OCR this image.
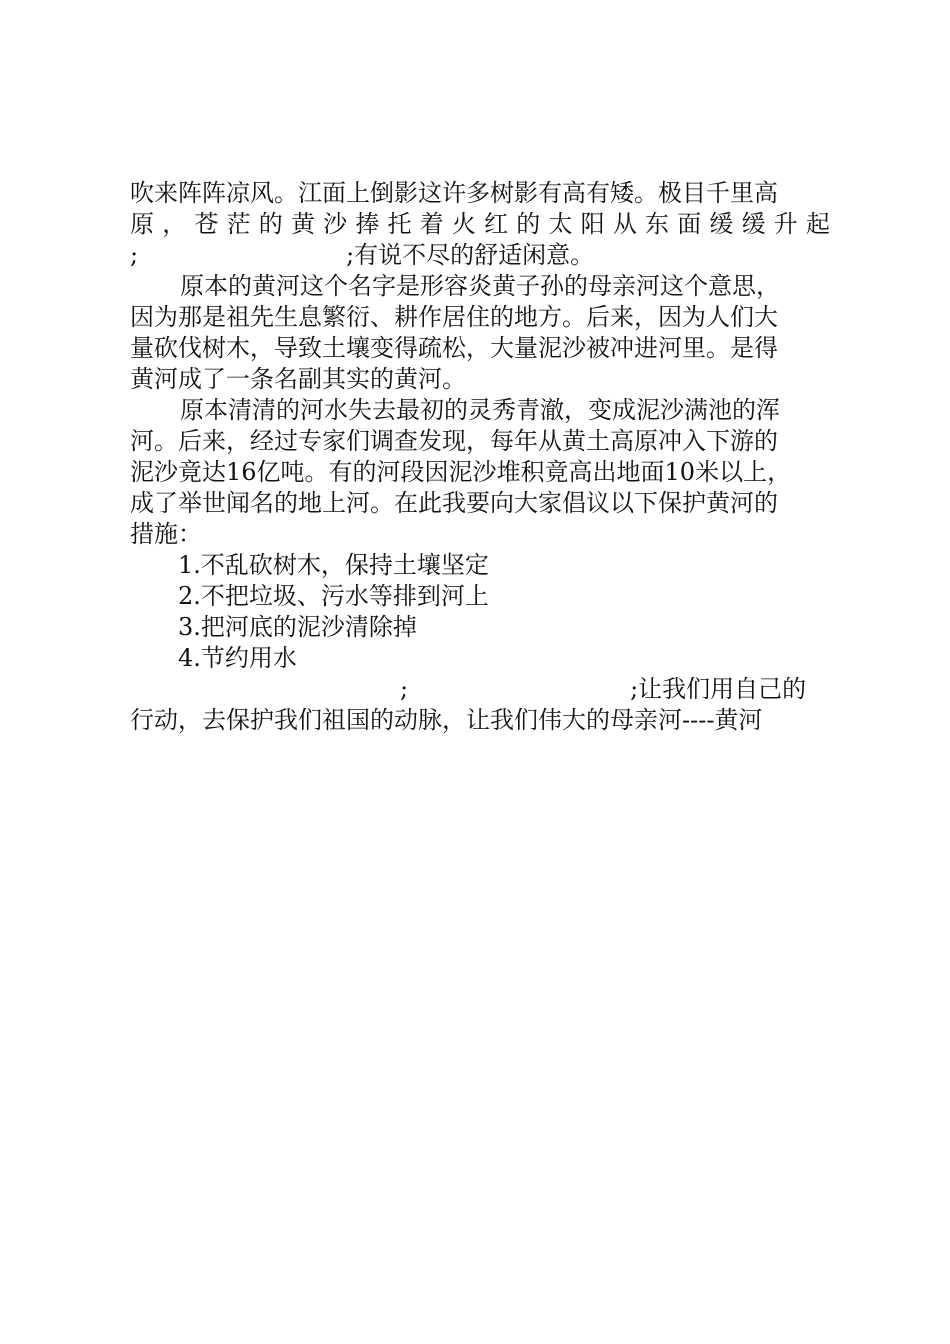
吹来阵阵凉风。江面上倒影这许多树影有高有矮。极目千里高
原 ， 苍 茫 的 黄 沙 捧 托 着 火 红 的 太 阳 从 东 面 缓 缓 升 起
;	;有说不尽的舒适闲意。
原本的黄河这个名字是形容炎黄子孙的母亲河这个意思，
因为那是祖先生息繁衍、耕作居住的地方。后来，因为人们大
量砍伐树木，导致土壤变得疏松，大量泥沙被冲进河里。是得
黄河成了一条名副其实的黄河。
原本清清的河水失去最初的灵秀青澈，变成泥沙满池的浑
河。后来，经过专家们调查发现，每年从黄土高原冲入下游的
泥沙竟达16亿吨。有的河段因泥沙堆积竟高出地面10米以上，
成了举世闻名的地上河。在此我要向大家倡议以下保护黄河的
措施：
1.不乱砍树木，保持土壤坚定
2.不把垃圾、污水等排到河上
3.把河底的泥沙清除掉
4.节约用水
;	;让我们用自己的
行动，去保护我们祖国的动脉，让我们伟大的母亲河----黄河
